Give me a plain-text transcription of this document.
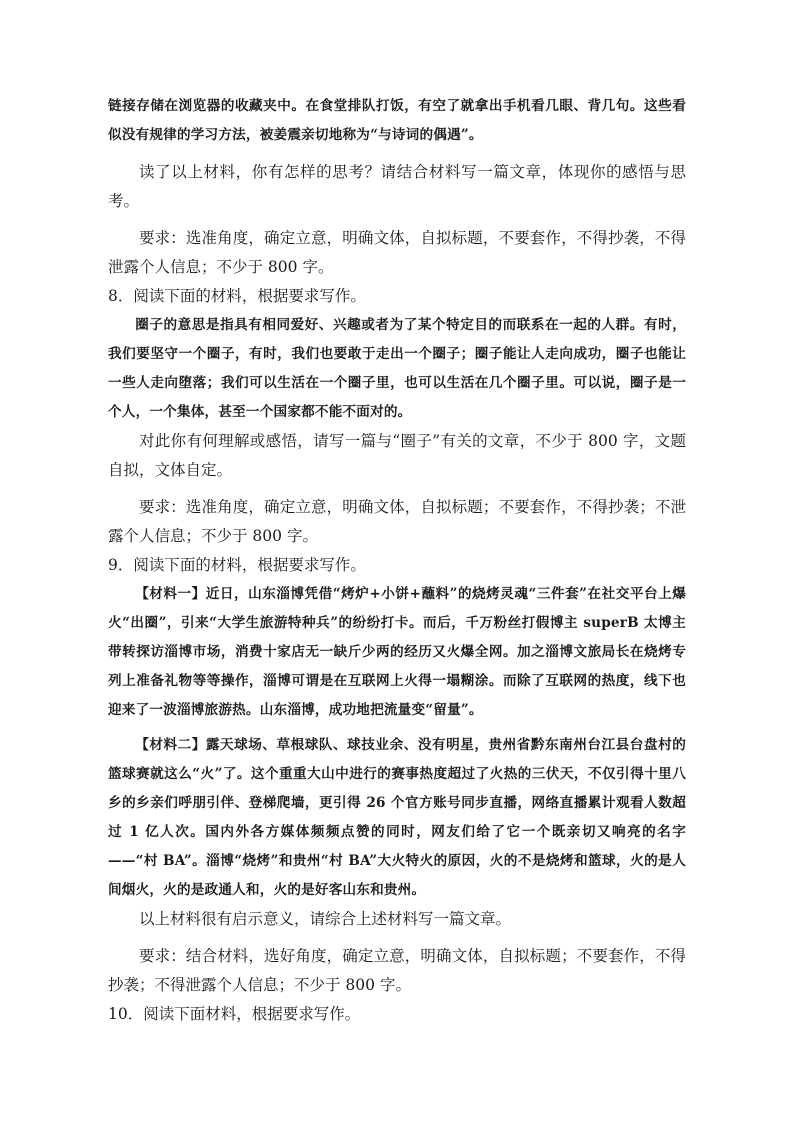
链接存储在浏览器的收藏夹中。在食堂排队打饭，有空了就拿出手机看几眼、背几句。这些看似没有规律的学习方法，被姜震亲切地称为“与诗词的偶遇”。

读了以上材料，你有怎样的思考？请结合材料写一篇文章，体现你的感悟与思考。

要求：选准角度，确定立意，明确文体，自拟标题，不要套作，不得抄袭，不得泄露个人信息；不少于 800 字。

8．阅读下面的材料，根据要求写作。

圈子的意思是指具有相同爱好、兴趣或者为了某个特定目的而联系在一起的人群。有时，我们要坚守一个圈子，有时，我们也要敢于走出一个圈子；圈子能让人走向成功，圈子也能让一些人走向堕落；我们可以生活在一个圈子里，也可以生活在几个圈子里。可以说，圈子是一个人，一个集体，甚至一个国家都不能不面对的。

对此你有何理解或感悟，请写一篇与“圈子”有关的文章，不少于 800 字，文题自拟，文体自定。

要求：选准角度，确定立意，明确文体，自拟标题；不要套作，不得抄袭；不泄露个人信息；不少于 800 字。

9．阅读下面的材料，根据要求写作。

【材料一】近日，山东淄博凭借“烤炉+小饼+蘸料”的烧烤灵魂“三件套”在社交平台上爆火“出圈”，引来“大学生旅游特种兵”的纷纷打卡。而后，千万粉丝打假博主 superB 太博主带转探访淄博市场，消费十家店无一缺斤少两的经历又火爆全网。加之淄博文旅局长在烧烤专列上准备礼物等等操作，淄博可谓是在互联网上火得一塌糊涂。而除了互联网的热度，线下也迎来了一波淄博旅游热。山东淄博，成功地把流量变“留量”。

【材料二】露天球场、草根球队、球技业余、没有明星，贵州省黔东南州台江县台盘村的篮球赛就这么“火”了。这个重重大山中进行的赛事热度超过了火热的三伏天，不仅引得十里八乡的乡亲们呼朋引伴、登梯爬墙，更引得 26 个官方账号同步直播，网络直播累计观看人数超过 1 亿人次。国内外各方媒体频频点赞的同时，网友们给了它一个既亲切又响亮的名字——“村 BA”。淄博“烧烤”和贵州“村 BA”大火特火的原因，火的不是烧烤和篮球，火的是人间烟火，火的是政通人和，火的是好客山东和贵州。

以上材料很有启示意义，请综合上述材料写一篇文章。

要求：结合材料，选好角度，确定立意，明确文体，自拟标题；不要套作，不得抄袭；不得泄露个人信息；不少于 800 字。

10．阅读下面材料，根据要求写作。
